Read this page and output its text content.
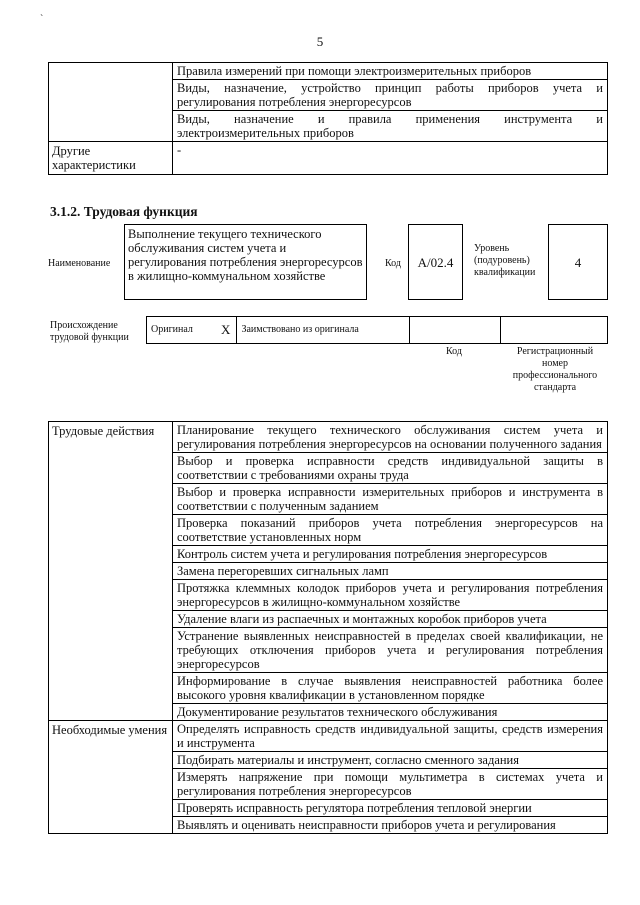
`
5
	Правила измерений при помощи электроизмерительных приборов
	Виды, назначение, устройство принцип работы приборов учета и регулирования потребления энергоресурсов
	Виды, назначение и правила применения инструмента и электроизмерительных приборов
Другие характеристики	-
3.1.2. Трудовая функция
Наименование
Выполнение текущего технического обслуживания систем учета и регулирования потребления энергоресурсов в жилищно-коммунальном хозяйстве
Код	A/02.4
Уровень (подуровень) квалификации
4
Происхождение трудовой функции
Оригинал X	Заимствовано из оригинала		
Код	Регистрационный номер профессионального стандарта
Трудовые действия	Планирование текущего технического обслуживания систем учета и регулирования потребления энергоресурсов на основании полученного задания
	Выбор и проверка исправности средств индивидуальной защиты в соответствии с требованиями охраны труда
	Выбор и проверка исправности измерительных приборов и инструмента в соответствии с полученным заданием
	Проверка показаний приборов учета потребления энергоресурсов на соответствие установленных норм
	Контроль систем учета и регулирования потребления энергоресурсов
	Замена перегоревших сигнальных ламп
	Протяжка клеммных колодок приборов учета и регулирования потребления энергоресурсов в жилищно-коммунальном хозяйстве
	Удаление влаги из распаечных и монтажных коробок приборов учета
	Устранение выявленных неисправностей в пределах своей квалификации, не требующих отключения приборов учета и регулирования потребления энергоресурсов
	Информирование в случае выявления неисправностей работника более высокого уровня квалификации в установленном порядке
	Документирование результатов технического обслуживания
Необходимые умения	Определять исправность средств индивидуальной защиты, средств измерения и инструмента
	Подбирать материалы и инструмент, согласно сменного задания
	Измерять напряжение при помощи мультиметра в системах учета и регулирования потребления энергоресурсов
	Проверять исправность регулятора потребления тепловой энергии
	Выявлять и оценивать неисправности приборов учета и регулирования
